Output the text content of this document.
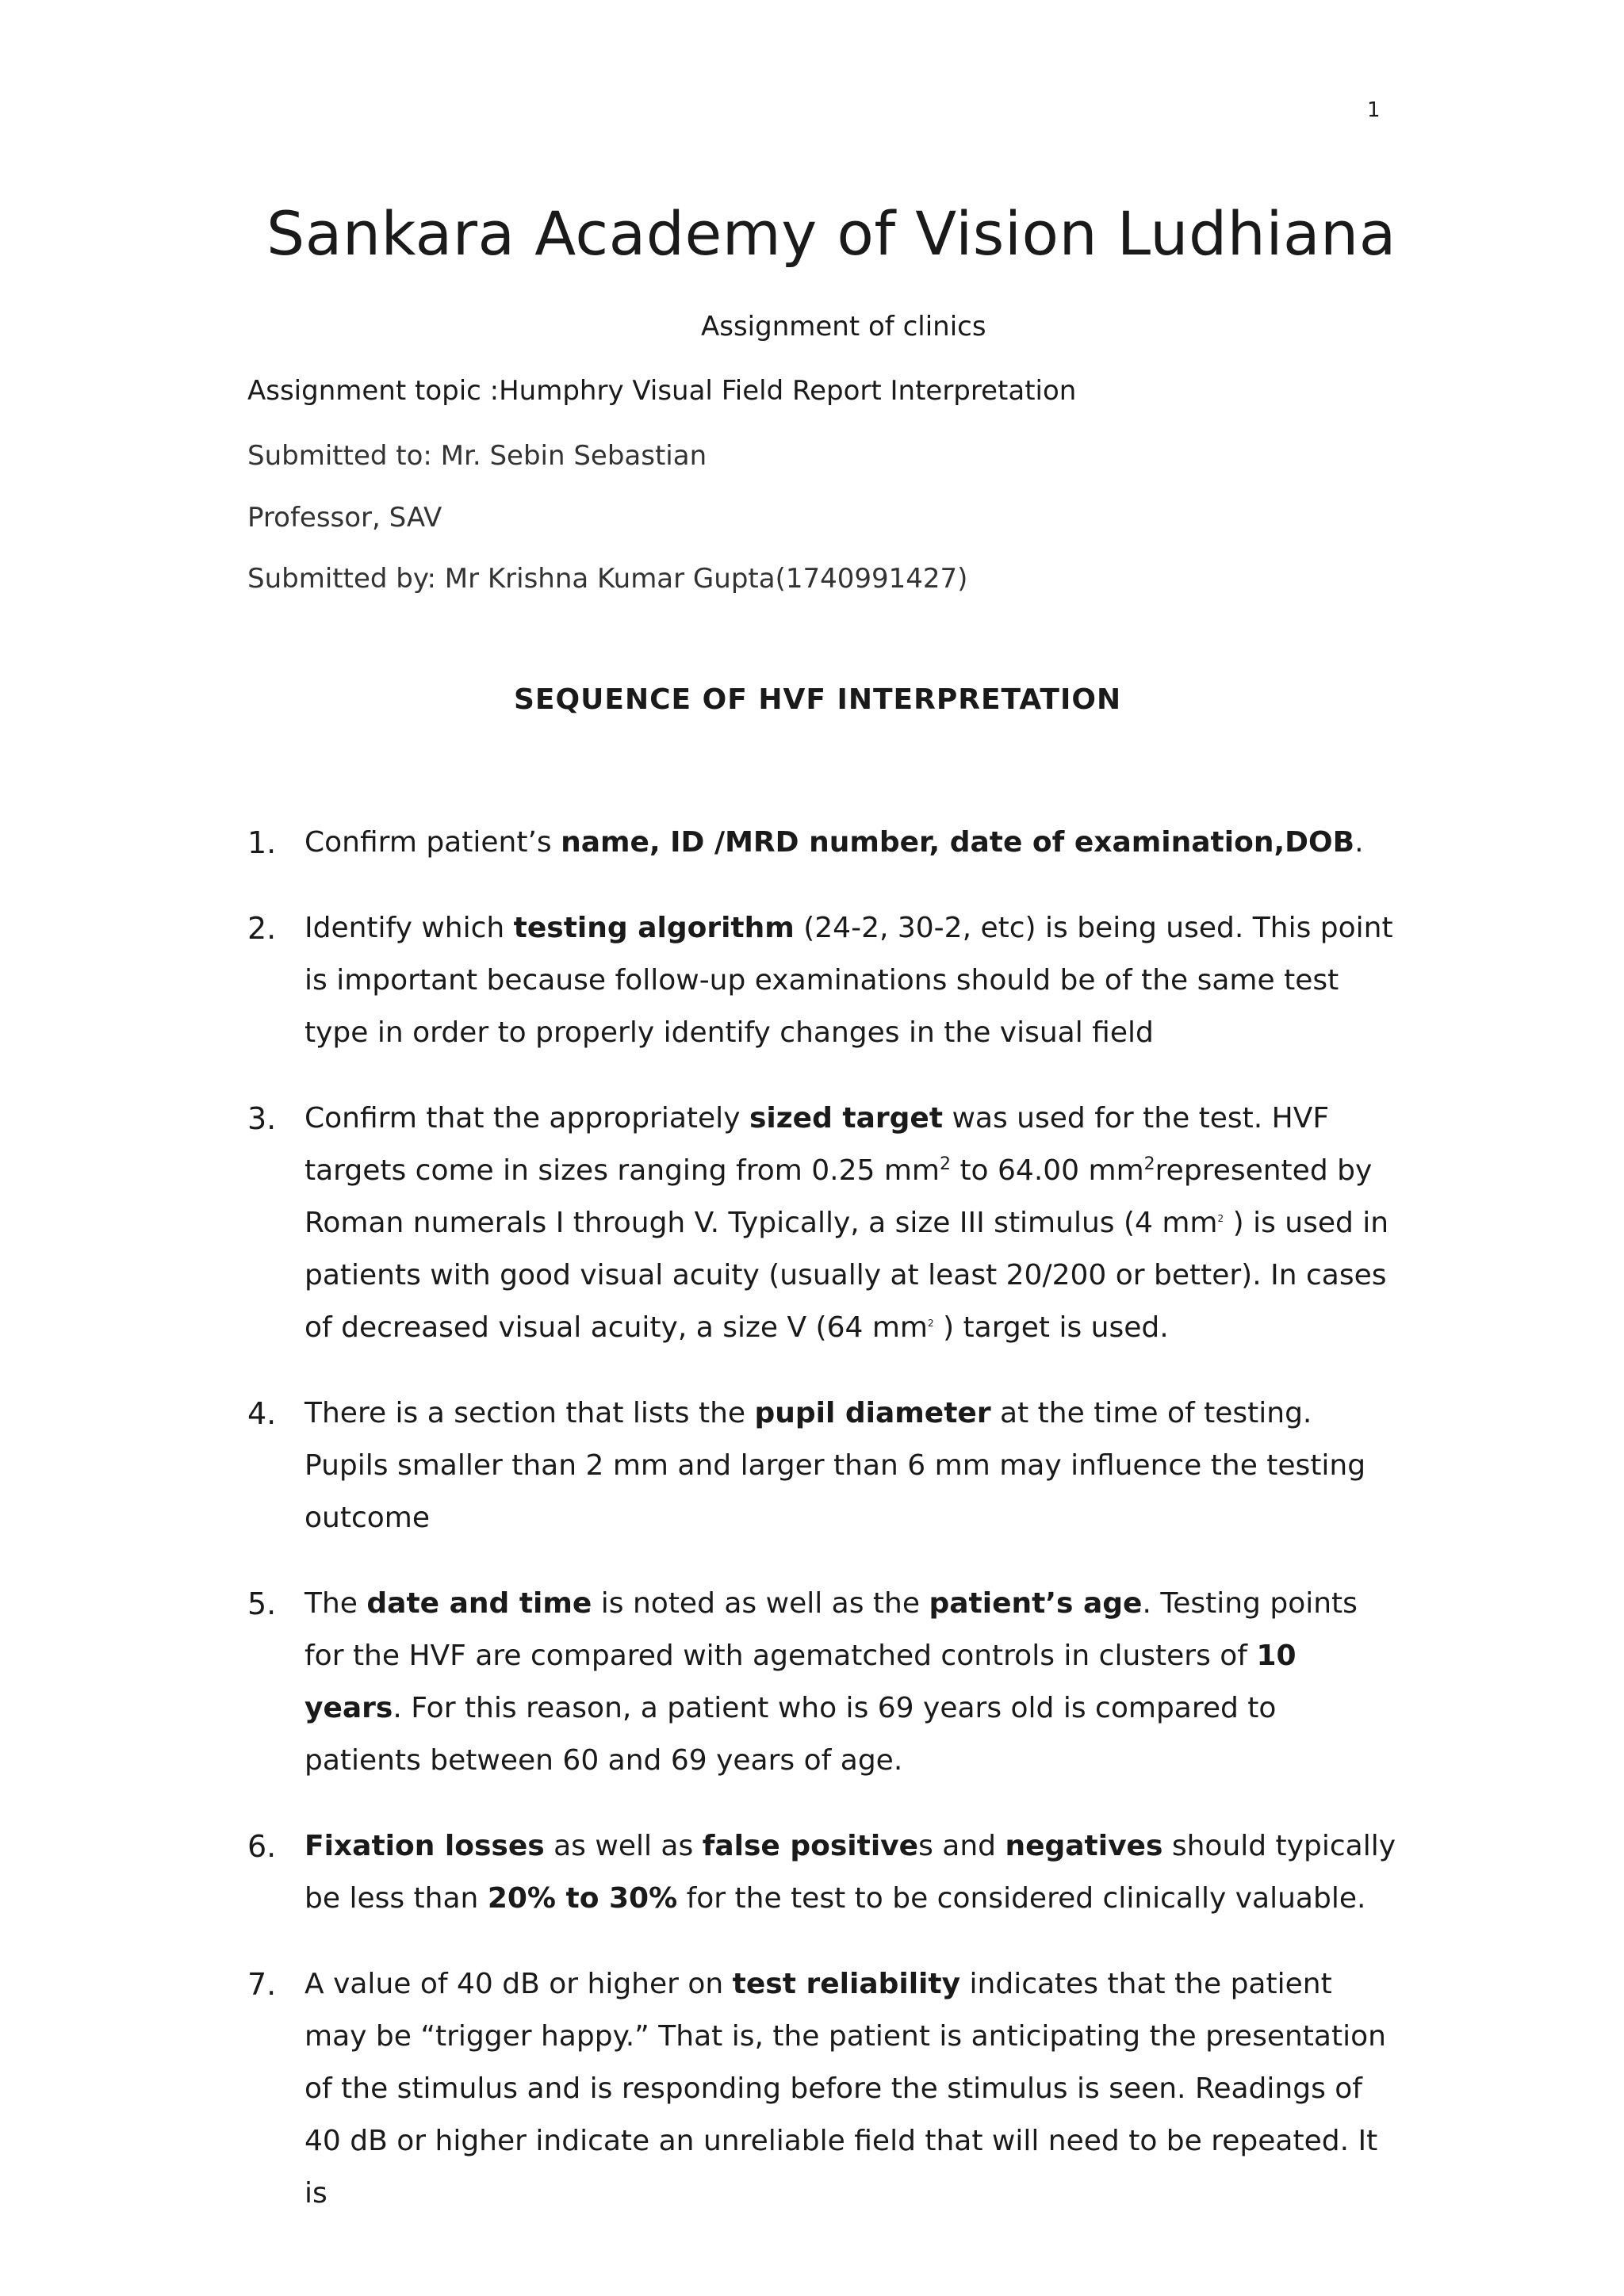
1
Sankara Academy of Vision Ludhiana
Assignment of clinics
Assignment topic :Humphry Visual Field Report Interpretation
Submitted to: Mr. Sebin Sebastian
Professor, SAV
Submitted by: Mr Krishna Kumar Gupta(1740991427)
SEQUENCE OF HVF INTERPRETATION
1. Confirm patient’s name, ID /MRD number, date of examination,DOB.
2. Identify which testing algorithm (24-2, 30-2, etc) is being used. This point is important because follow-up examinations should be of the same test type in order to properly identify changes in the visual field
3. Confirm that the appropriately sized target was used for the test. HVF targets come in sizes ranging from 0.25 $mm^2$ to 64.00 $mm^2represented$ by Roman numerals I through V. Typically, a size III stimulus (4 $mm^2$ ) is used in patients with good visual acuity (usually at least 20/200 or better). In cases of decreased visual acuity, a size V (64 $mm^2$ ) target is used.
4. There is a section that lists the pupil diameter at the time of testing. Pupils smaller than 2 mm and larger than 6 mm may influence the testing outcome
5. The date and time is noted as well as the patient’s age. Testing points for the HVF are compared with agematched controls in clusters of 10 years. For this reason, a patient who is 69 years old is compared to patients between 60 and 69 years of age.
6. Fixation losses as well as false positives and negatives should typically be less than 20% to 30% for the test to be considered clinically valuable.
7. A value of 40 dB or higher on test reliability indicates that the patient may be “trigger happy.” That is, the patient is anticipating the presentation of the stimulus and is responding before the stimulus is seen. Readings of 40 dB or higher indicate an unreliable field that will need to be repeated. It is
